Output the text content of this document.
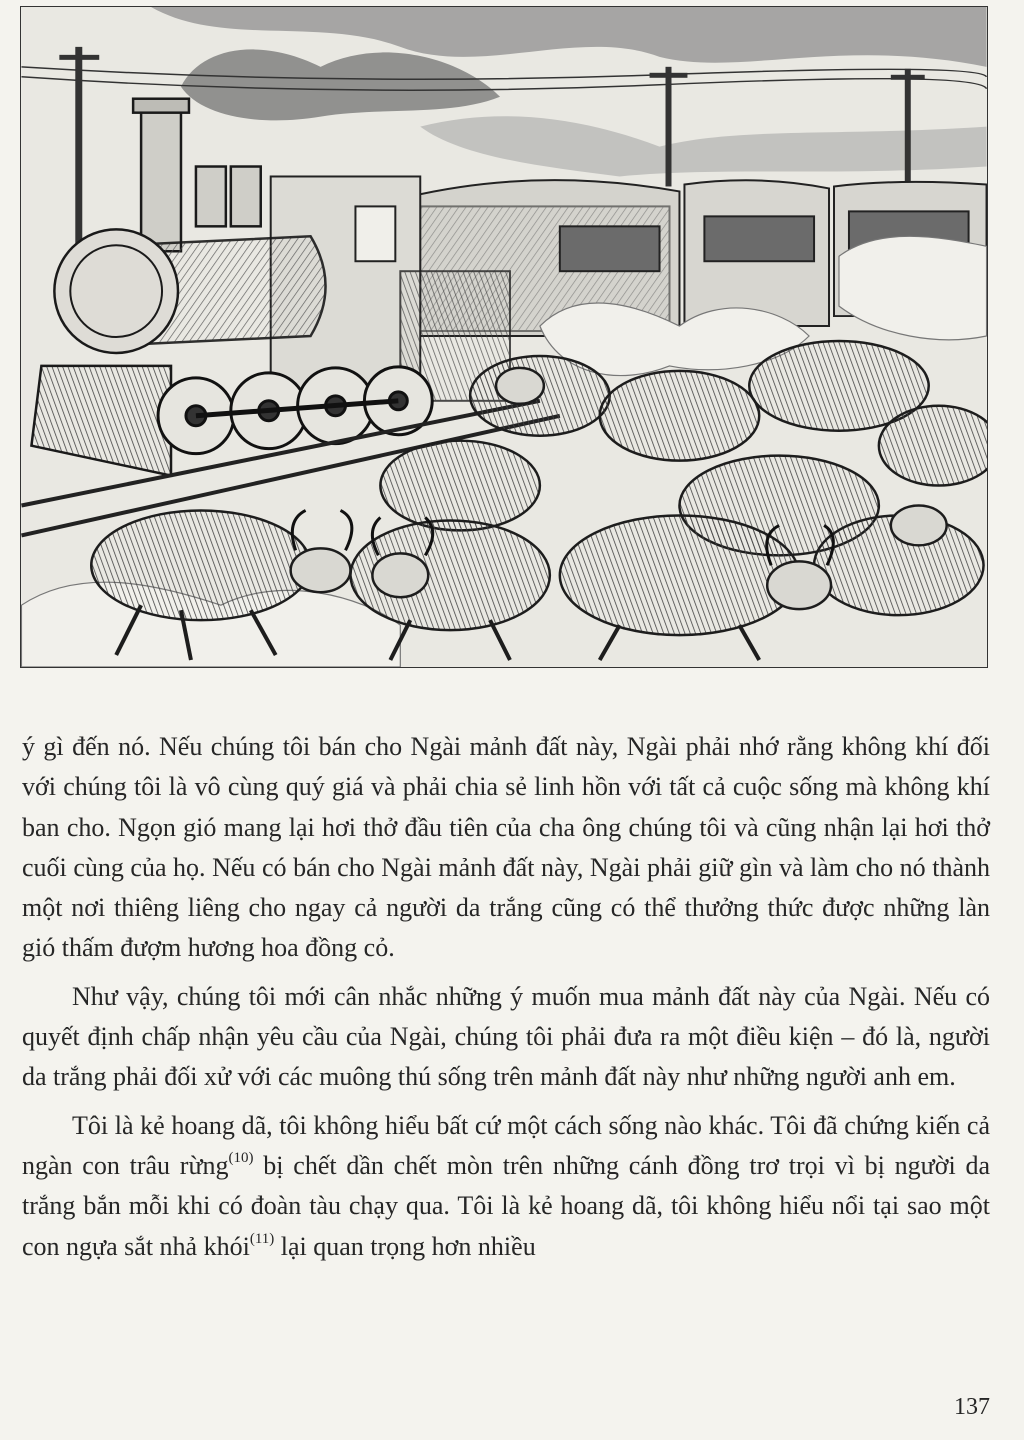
ý gì đến nó. Nếu chúng tôi bán cho Ngài mảnh đất này, Ngài phải nhớ rằng không khí đối với chúng tôi là vô cùng quý giá và phải chia sẻ linh hồn với tất cả cuộc sống mà không khí ban cho. Ngọn gió mang lại hơi thở đầu tiên của cha ông chúng tôi và cũng nhận lại hơi thở cuối cùng của họ. Nếu có bán cho Ngài mảnh đất này, Ngài phải giữ gìn và làm cho nó thành một nơi thiêng liêng cho ngay cả người da trắng cũng có thể thưởng thức được những làn gió thấm đượm hương hoa đồng cỏ.

Như vậy, chúng tôi mới cân nhắc những ý muốn mua mảnh đất này của Ngài. Nếu có quyết định chấp nhận yêu cầu của Ngài, chúng tôi phải đưa ra một điều kiện – đó là, người da trắng phải đối xử với các muông thú sống trên mảnh đất này như những người anh em.

Tôi là kẻ hoang dã, tôi không hiểu bất cứ một cách sống nào khác. Tôi đã chứng kiến cả ngàn con trâu rừng$^{(10)}$ bị chết dần chết mòn trên những cánh đồng trơ trọi vì bị người da trắng bắn mỗi khi có đoàn tàu chạy qua. Tôi là kẻ hoang dã, tôi không hiểu nổi tại sao một con ngựa sắt nhả khói$^{(11)}$ lại quan trọng hơn nhiều

137
